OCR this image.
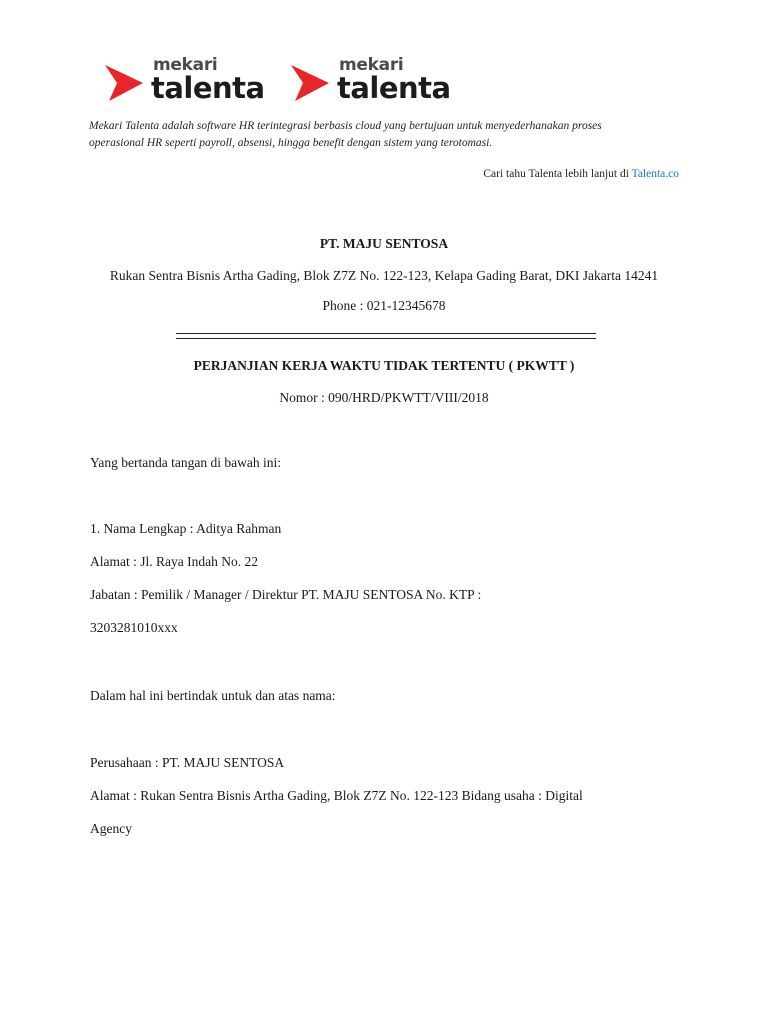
mekari
talenta
mekari
talenta

Mekari Talenta adalah software HR terintegrasi berbasis cloud yang bertujuan untuk menyederhanakan proses operasional HR seperti payroll, absensi, hingga benefit dengan sistem yang terotomasi.

Cari tahu Talenta lebih lanjut di Talenta.co
PT. MAJU SENTOSA
Rukan Sentra Bisnis Artha Gading, Blok Z7Z No. 122-123, Kelapa Gading Barat, DKI Jakarta 14241
Phone : 021-12345678
PERJANJIAN KERJA WAKTU TIDAK TERTENTU ( PKWTT )
Nomor : 090/HRD/PKWTT/VIII/2018

Yang bertanda tangan di bawah ini:

1. Nama Lengkap : Aditya Rahman

Alamat : Jl. Raya Indah No. 22

Jabatan : Pemilik / Manager / Direktur PT. MAJU SENTOSA No. KTP :

3203281010xxx

Dalam hal ini bertindak untuk dan atas nama:

Perusahaan : PT. MAJU SENTOSA

Alamat : Rukan Sentra Bisnis Artha Gading, Blok Z7Z No. 122-123 Bidang usaha : Digital

Agency
